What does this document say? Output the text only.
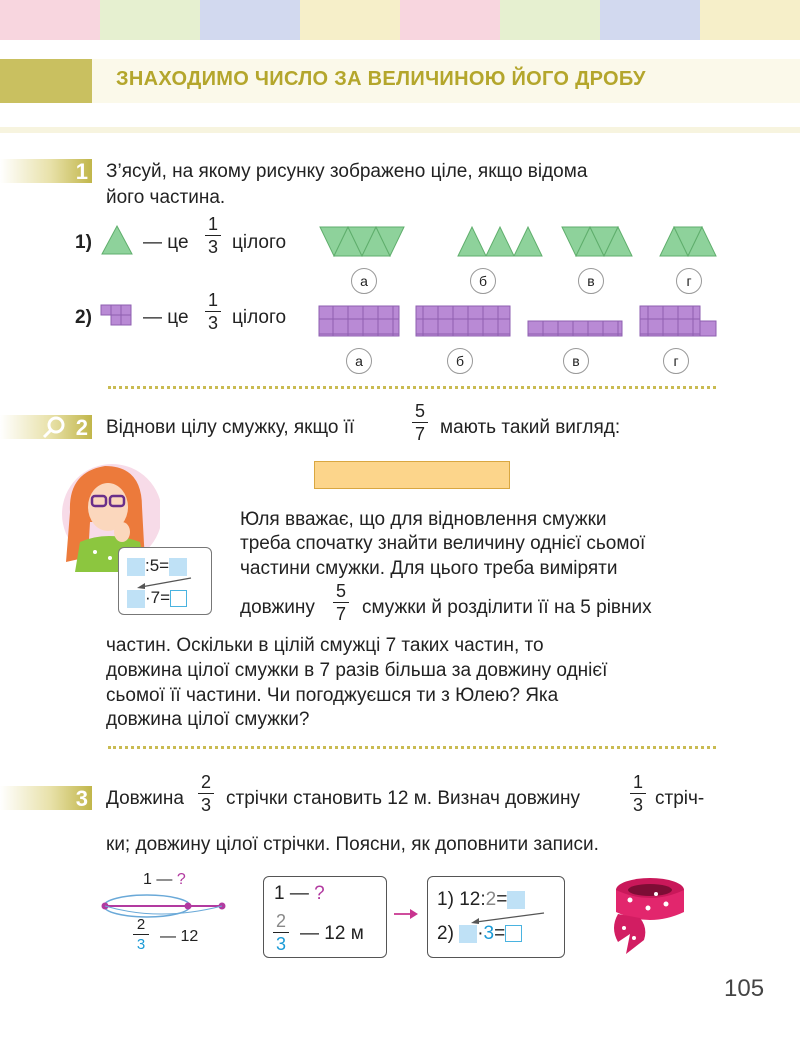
ЗНАХОДИМО ЧИСЛО ЗА ВЕЛИЧИНОЮ ЙОГО ДРОБУ
1 З’ясуй, на якому рисунку зображено ціле, якщо відома
його частина.
1)	— це
1
3 цілого
а	б	в	г
2)	— це
1
3 цілого
а	б	в	г
2 Віднови цілу смужку, якщо її
5
7 мають такий вигляд:
:5=
·7=
Юля вважає, що для відновлення смужки
треба спочатку знайти величину однієї сьомої
частини смужки. Для цього треба виміряти
довжину
5
7 смужки й розділити її на 5 рівних
частин. Оскільки в цілій смужці 7 таких частин, то
довжина цілої смужки в 7 разів більша за довжину однієї
сьомої її частини. Чи погоджуєшся ти з Юлею? Яка
довжина цілої смужки?
3 Довжина
2
3 стрічки становить 12 м. Визнач довжину
1
3 стріч-
ки; довжину цілої стрічки. Поясни, як доповнити записи.
1 — ?
2
3 — 12
1 — ?
2
3 — 12 м
1) 12:2=
2) ·3=
105
